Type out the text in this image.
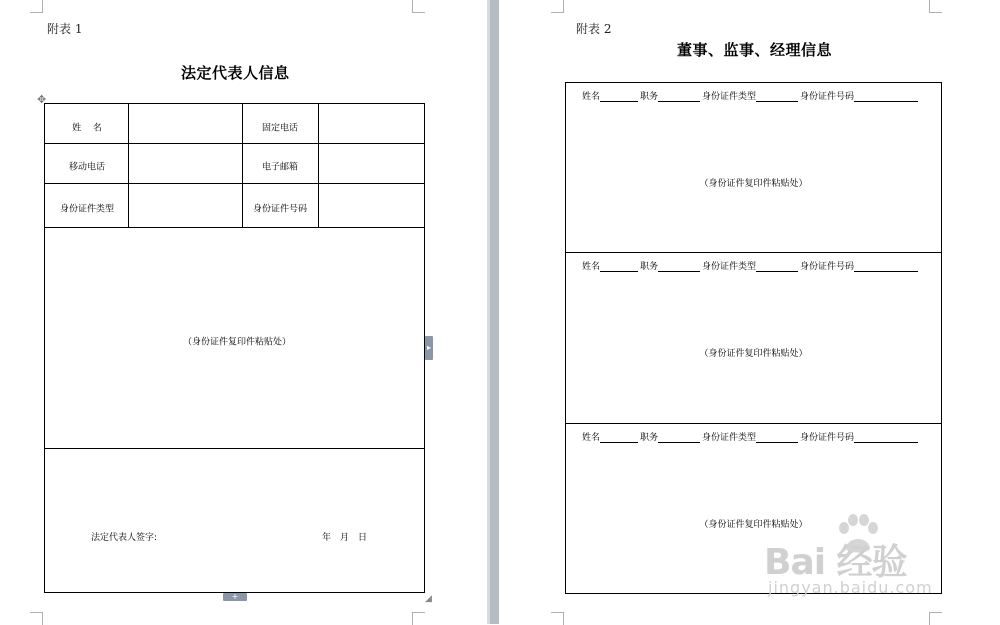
附表 1
法定代表人信息
✥
姓　 名	固定电话
移动电话	电子邮箱
身份证件类型	身份证件号码
（身份证件复印件粘贴处）
法定代表人签字:	年　月　日
▸
+	◢
附表 2
董事、监事、经理信息
姓名	职务	身份证件类型	身份证件号码
（身份证件复印件粘贴处）
姓名	职务	身份证件类型	身份证件号码
（身份证件复印件粘贴处）
姓名	职务	身份证件类型	身份证件号码
（身份证件复印件粘贴处）
Bai 经验
jingyan.baidu.com
